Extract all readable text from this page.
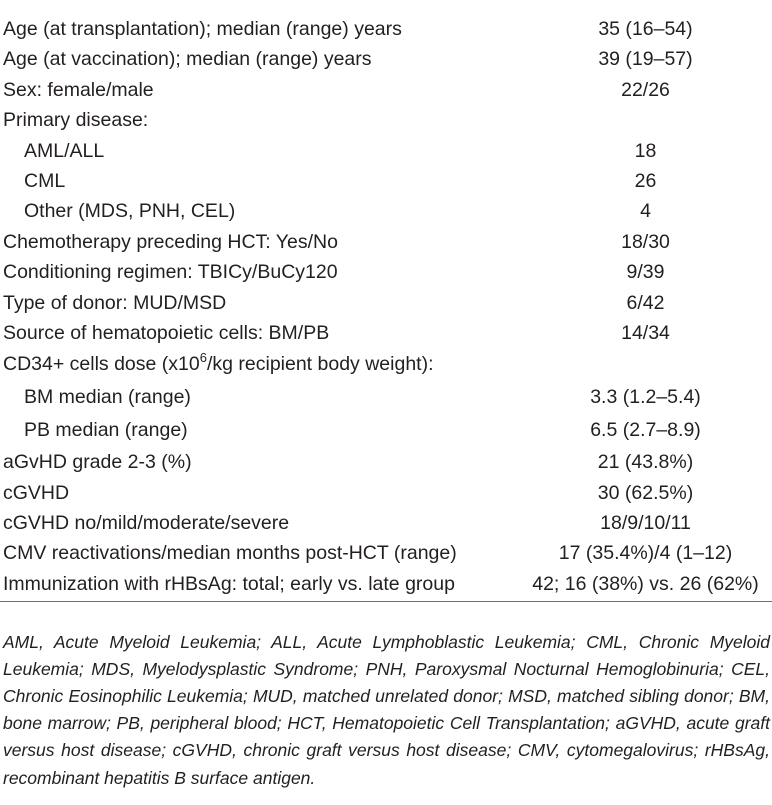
Age (at transplantation); median (range) years	35 (16–54)
Age (at vaccination); median (range) years	39 (19–57)
Sex: female/male	22/26
Primary disease:
AML/ALL	18
CML	26
Other (MDS, PNH, CEL)	4
Chemotherapy preceding HCT: Yes/No	18/30
Conditioning regimen: TBICy/BuCy120	9/39
Type of donor: MUD/MSD	6/42
Source of hematopoietic cells: BM/PB	14/34
CD34+ cells dose ($x10^6/kg$ recipient body weight):
BM median (range)	3.3 (1.2–5.4)
PB median (range)	6.5 (2.7–8.9)
aGvHD grade 2-3 (%)	21 (43.8%)
cGVHD	30 (62.5%)
cGVHD no/mild/moderate/severe	18/9/10/11
CMV reactivations/median months post-HCT (range)	17 (35.4%)/4 (1–12)
Immunization with rHBsAg: total; early vs. late group	42; 16 (38%) vs. 26 (62%)

AML, Acute Myeloid Leukemia; ALL, Acute Lymphoblastic Leukemia; CML, Chronic Myeloid Leukemia; MDS, Myelodysplastic Syndrome; PNH, Paroxysmal Nocturnal Hemoglobinuria; CEL, Chronic Eosinophilic Leukemia; MUD, matched unrelated donor; MSD, matched sibling donor; BM, bone marrow; PB, peripheral blood; HCT, Hematopoietic Cell Transplantation; aGVHD, acute graft versus host disease; cGVHD, chronic graft versus host disease; CMV, cytomegalovirus; rHBsAg, recombinant hepatitis B surface antigen.
